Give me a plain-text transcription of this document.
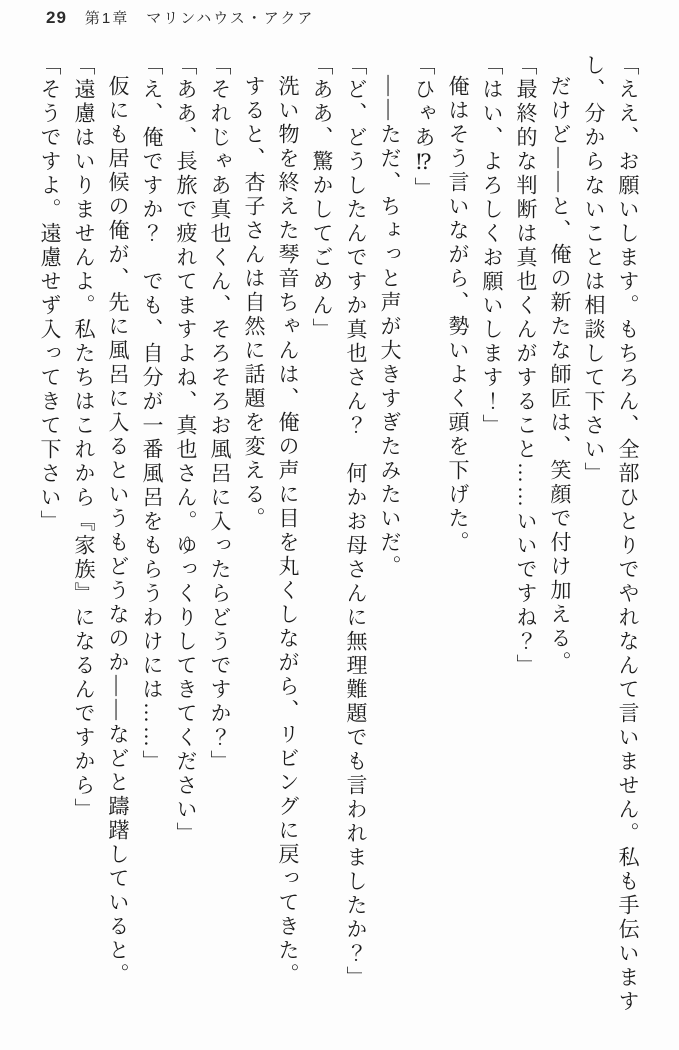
29 第1章　マリンハウス・アクア

「ええ、お願いします。もちろん、全部ひとりでやれなんて言いません。私も手伝いますし、分からないことは相談して下さい」

だけど――と、俺の新たな師匠は、笑顔で付け加える。

「最終的な判断は真也くんがすること……いいですね？」

「はい、よろしくお願いします！」

俺はそう言いながら、勢いよく頭を下げた。

「ひゃあ⁉」

――ただ、ちょっと声が大きすぎたみたいだ。

「ど、どうしたんですか真也さん？　何かお母さんに無理難題でも言われましたか？」

「ああ、驚かしてごめん」

洗い物を終えた琴音ちゃんは、俺の声に目を丸くしながら、リビングに戻ってきた。

すると、杏子さんは自然に話題を変える。

「それじゃあ真也くん、そろそろお風呂に入ったらどうですか？」

「ああ、長旅で疲れてますよね、真也さん。ゆっくりしてきてください」

「え、俺ですか？　でも、自分が一番風呂をもらうわけには……」

仮にも居候の俺が、先に風呂に入るというもどうなのか――などと躊躇していると。

「遠慮はいりませんよ。私たちはこれから『家族』になるんですから」

「そうですよ。遠慮せず入ってきて下さい」
